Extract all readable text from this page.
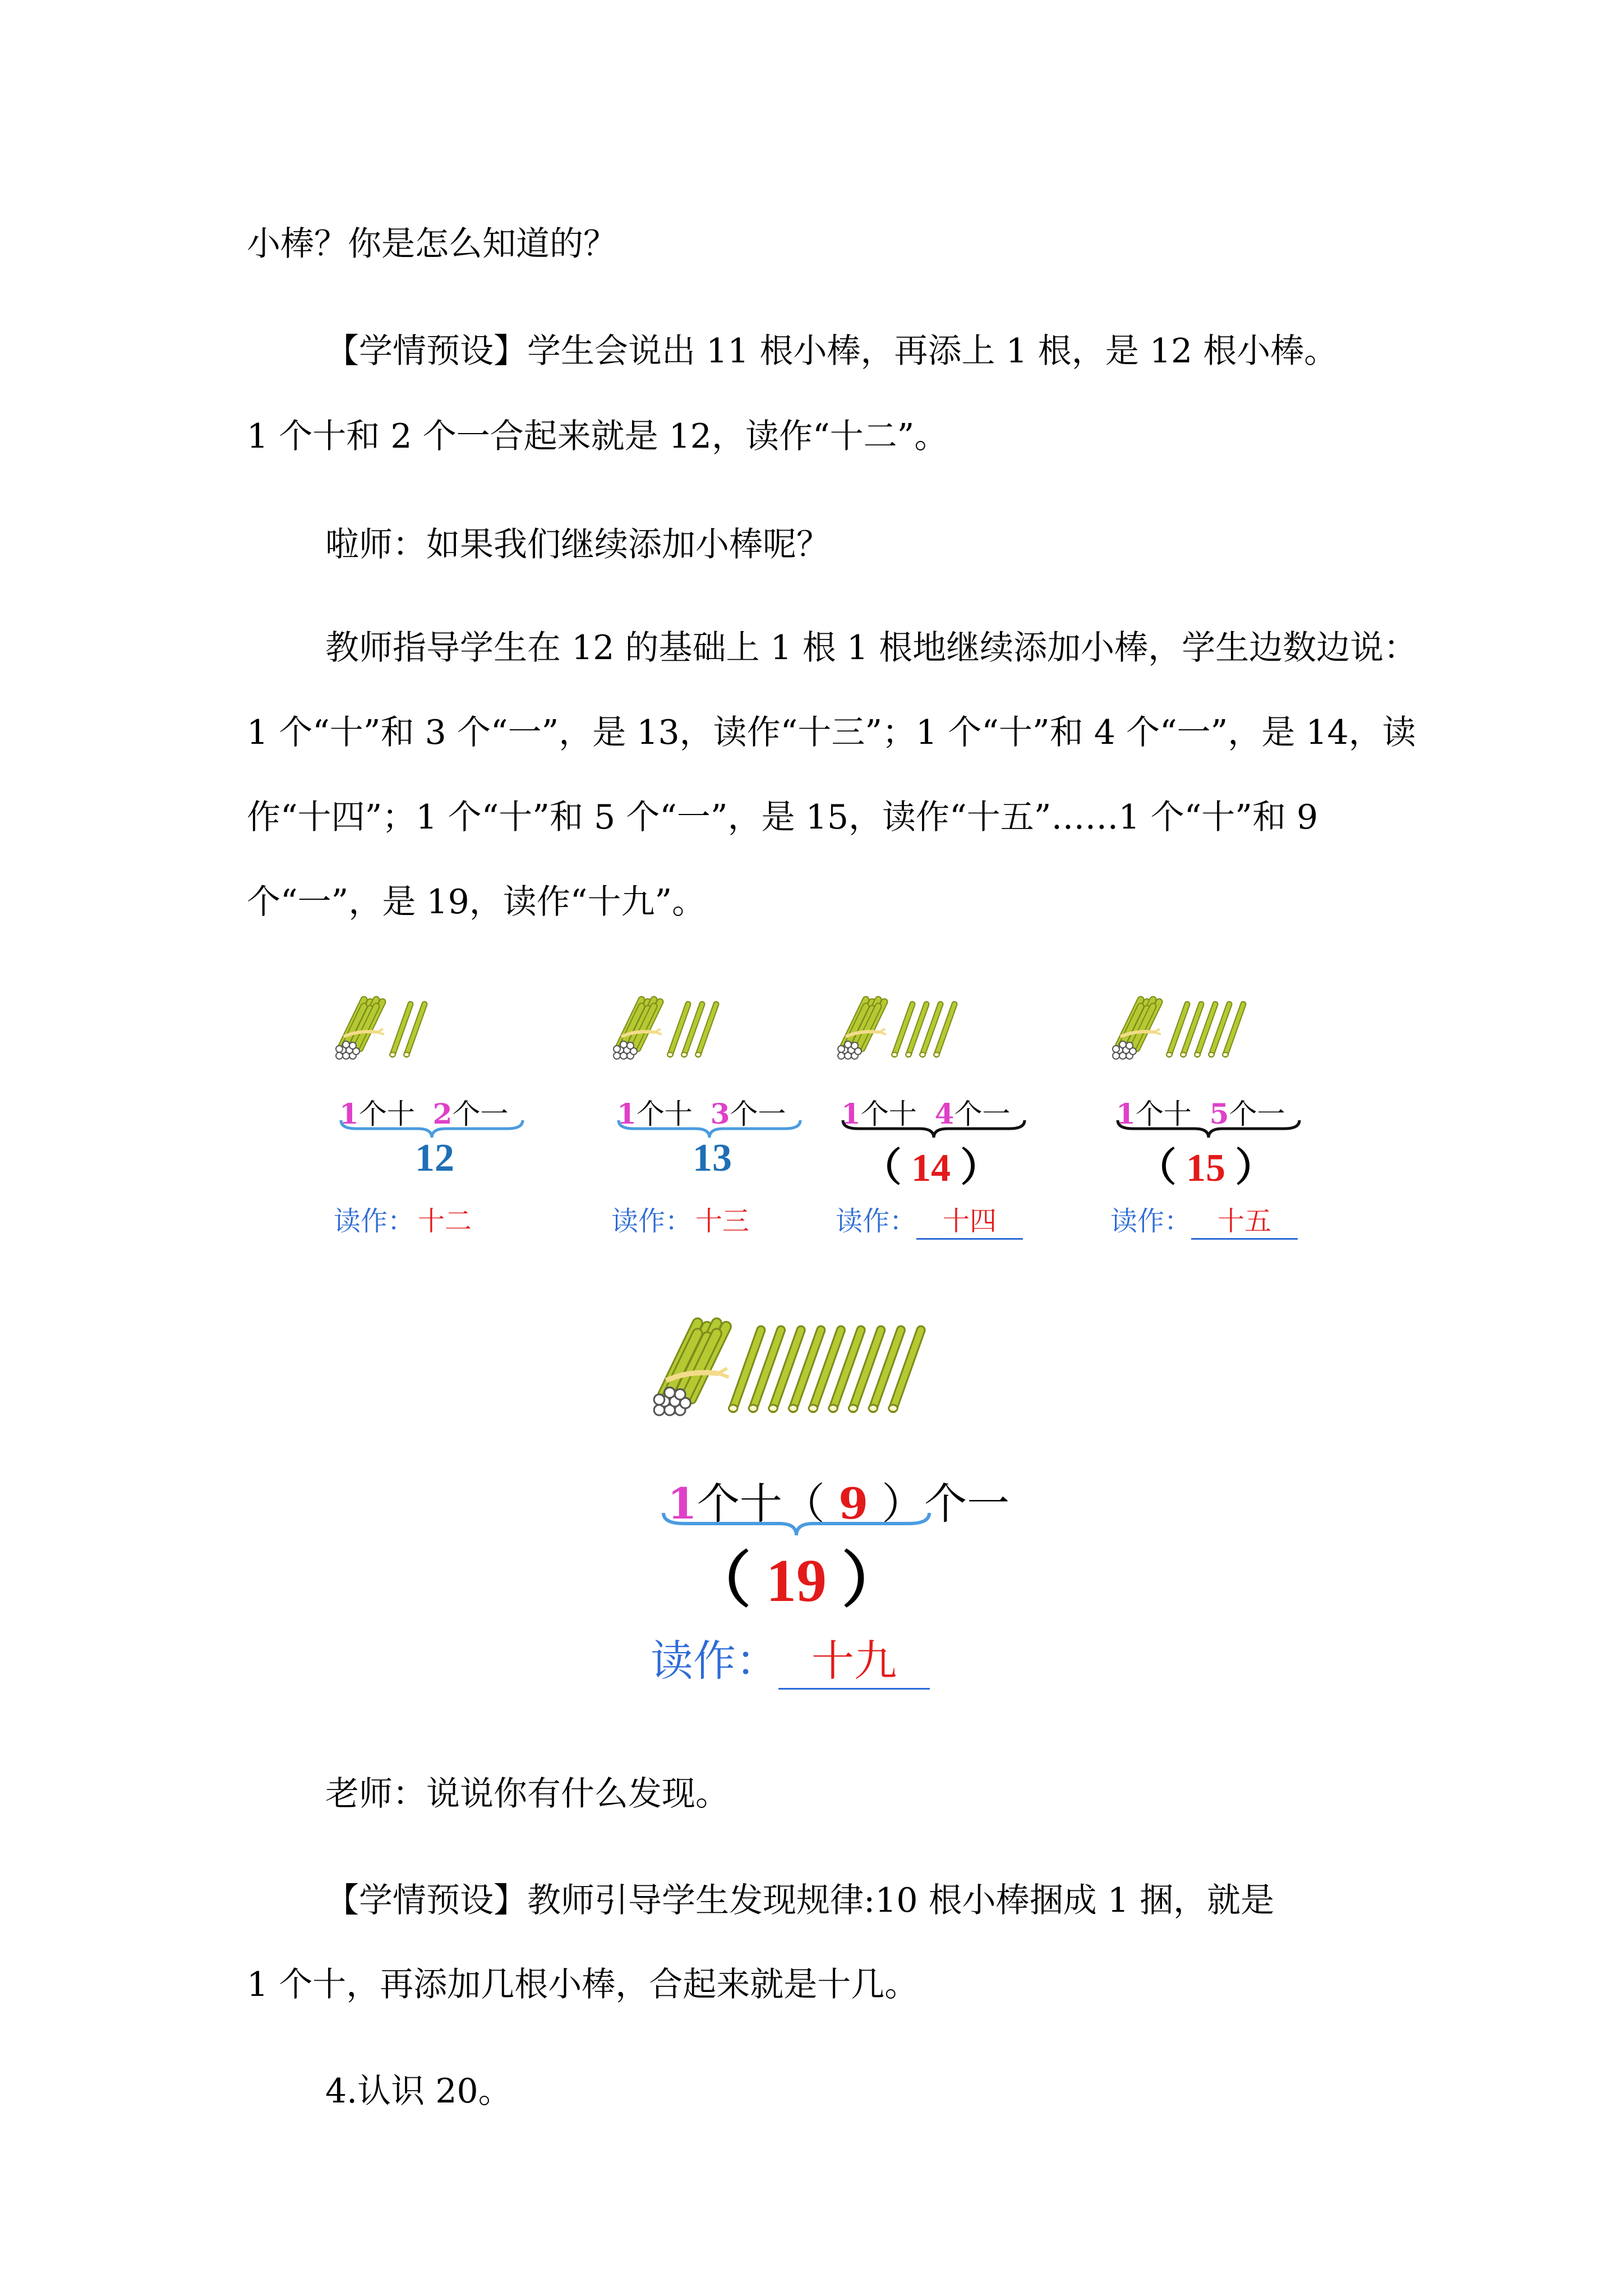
小棒？你是怎么知道的？

【学情预设】学生会说出 11 根小棒，再添上 1 根，是 12 根小棒。
1 个十和 2 个一合起来就是 12，读作“十二”。
啦师：如果我们继续添加小棒呢？

教师指导学生在 12 的基础上 1 根 1 根地继续添加小棒，学生边数边说：1 个“十”和 3 个“一”，是 13，读作“十三”；1 个“十”和 4 个“一”，是 14，读作“十四”；1 个“十”和 5 个“一”，是 15，读作“十五”……1 个“十”和 9 个“一”，是 19，读作“十九”。

1个十 2个一
12
读作： 十二
1个十 3个一
13
读作： 十三
1个十 4个一
（ 14 ）
读作： 十四
1个十 5个一
（ 15 ）
读作： 十五
1个十（ 9 ）个一
（ 19 ）
读作： 十九
老师：说说你有什么发现。
【学情预设】教师引导学生发现规律:10 根小棒捆成 1 捆，就是
1 个十，再添加几根小棒，合起来就是十几。
4.认识 20。
